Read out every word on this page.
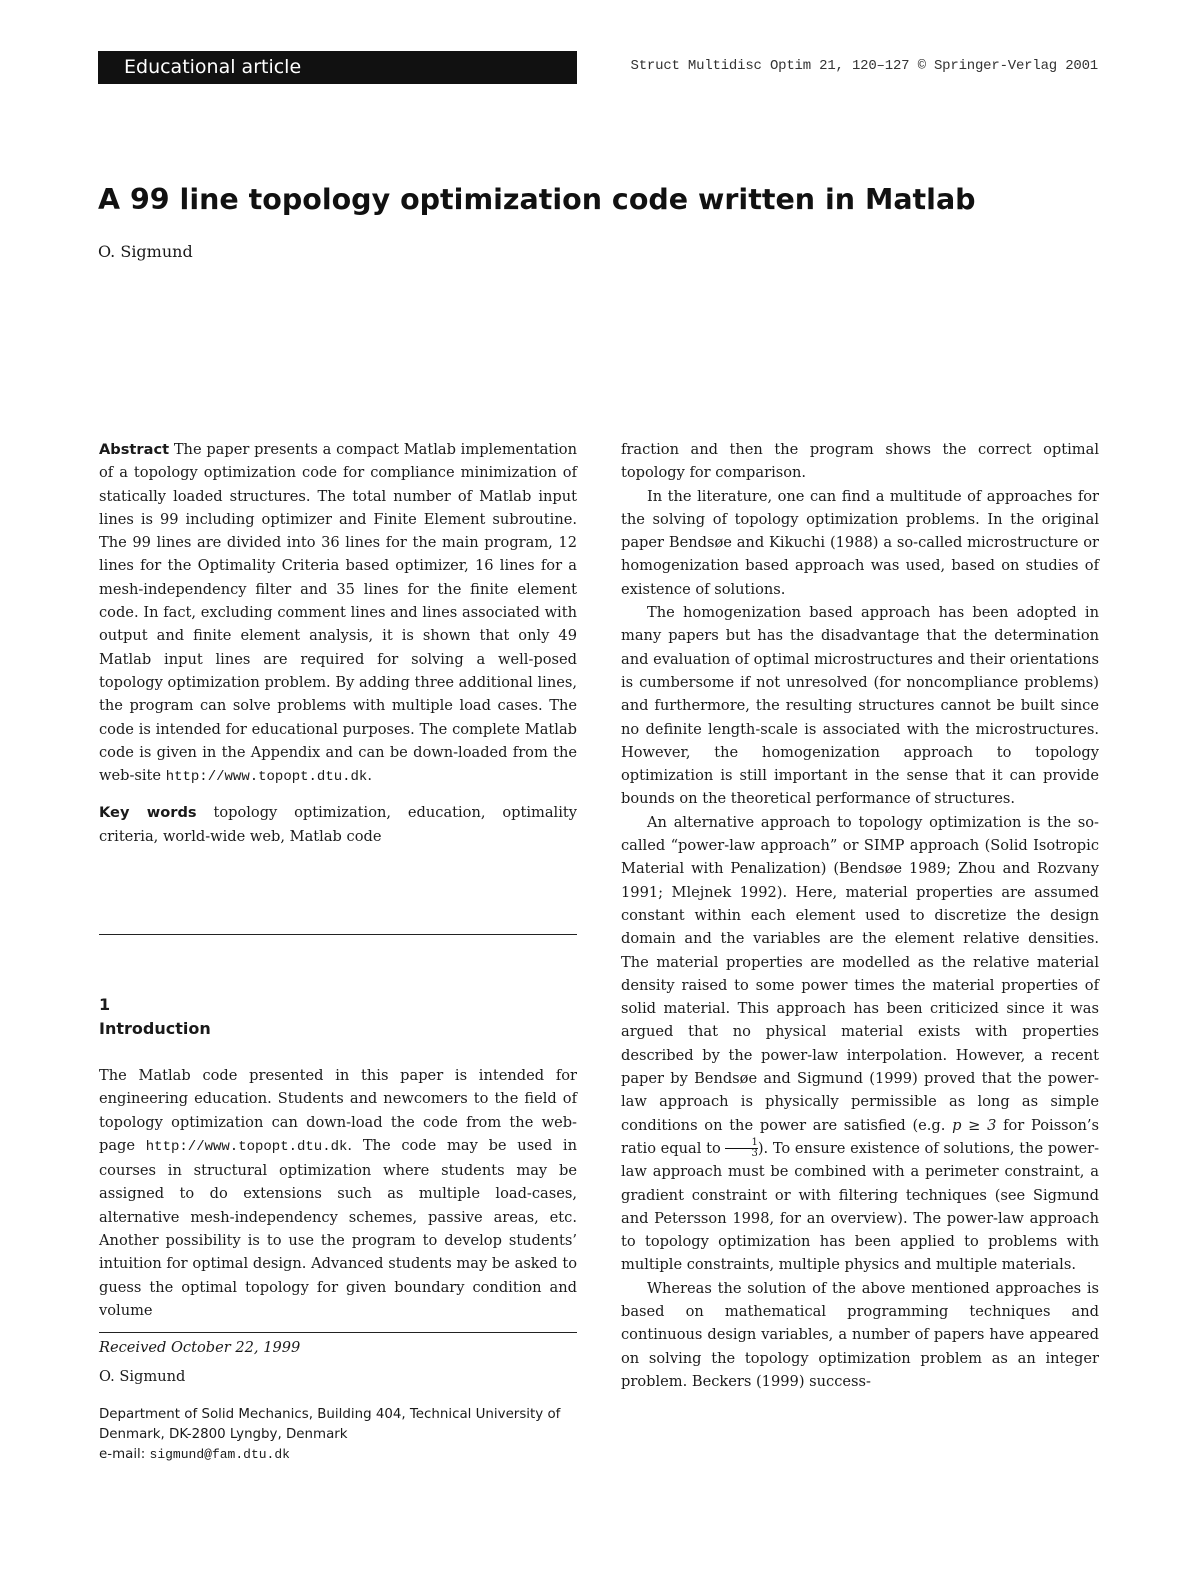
Educational article	Struct Multidisc Optim 21, 120–127 © Springer-Verlag 2001
A 99 line topology optimization code written in Matlab
O. Sigmund

Abstract The paper presents a compact Matlab implementation of a topology optimization code for compliance minimization of statically loaded structures. The total number of Matlab input lines is 99 including optimizer and Finite Element subroutine. The 99 lines are divided into 36 lines for the main program, 12 lines for the Optimality Criteria based optimizer, 16 lines for a mesh-independency filter and 35 lines for the finite element code. In fact, excluding comment lines and lines associated with output and finite element analysis, it is shown that only 49 Matlab input lines are required for solving a well-posed topology optimization problem. By adding three additional lines, the program can solve problems with multiple load cases. The code is intended for educational purposes. The complete Matlab code is given in the Appendix and can be down-loaded from the web-site http://www.topopt.dtu.dk.

Key words topology optimization, education, optimality criteria, world-wide web, Matlab code

1
Introduction

The Matlab code presented in this paper is intended for engineering education. Students and newcomers to the field of topology optimization can down-load the code from the web-page http://www.topopt.dtu.dk. The code may be used in courses in structural optimization where students may be assigned to do extensions such as multiple load-cases, alternative mesh-independency schemes, passive areas, etc. Another possibility is to use the program to develop students’ intuition for optimal design. Advanced students may be asked to guess the optimal topology for given boundary condition and volume

Received October 22, 1999
O. Sigmund
Department of Solid Mechanics, Building 404, Technical University of Denmark, DK-2800 Lyngby, Denmark
e-mail: sigmund@fam.dtu.dk

fraction and then the program shows the correct optimal topology for comparison.

In the literature, one can find a multitude of approaches for the solving of topology optimization problems. In the original paper Bendsøe and Kikuchi (1988) a so-called microstructure or homogenization based approach was used, based on studies of existence of solutions.

The homogenization based approach has been adopted in many papers but has the disadvantage that the determination and evaluation of optimal microstructures and their orientations is cumbersome if not unresolved (for noncompliance problems) and furthermore, the resulting structures cannot be built since no definite length-scale is associated with the microstructures. However, the homogenization approach to topology optimization is still important in the sense that it can provide bounds on the theoretical performance of structures.

An alternative approach to topology optimization is the so-called “power-law approach” or SIMP approach (Solid Isotropic Material with Penalization) (Bendsøe 1989; Zhou and Rozvany 1991; Mlejnek 1992). Here, material properties are assumed constant within each element used to discretize the design domain and the variables are the element relative densities. The material properties are modelled as the relative material density raised to some power times the material properties of solid material. This approach has been criticized since it was argued that no physical material exists with properties described by the power-law interpolation. However, a recent paper by Bendsøe and Sigmund (1999) proved that the power-law approach is physically permissible as long as simple conditions on the power are satisfied (e.g. p ≥ 3 for Poisson’s ratio equal to $\frac{1}{3}$ ). To ensure existence of solutions, the power-law approach must be combined with a perimeter constraint, a gradient constraint or with filtering techniques (see Sigmund and Petersson 1998, for an overview). The power-law approach to topology optimization has been applied to problems with multiple constraints, multiple physics and multiple materials.

Whereas the solution of the above mentioned approaches is based on mathematical programming techniques and continuous design variables, a number of papers have appeared on solving the topology optimization problem as an integer problem. Beckers (1999) success-
